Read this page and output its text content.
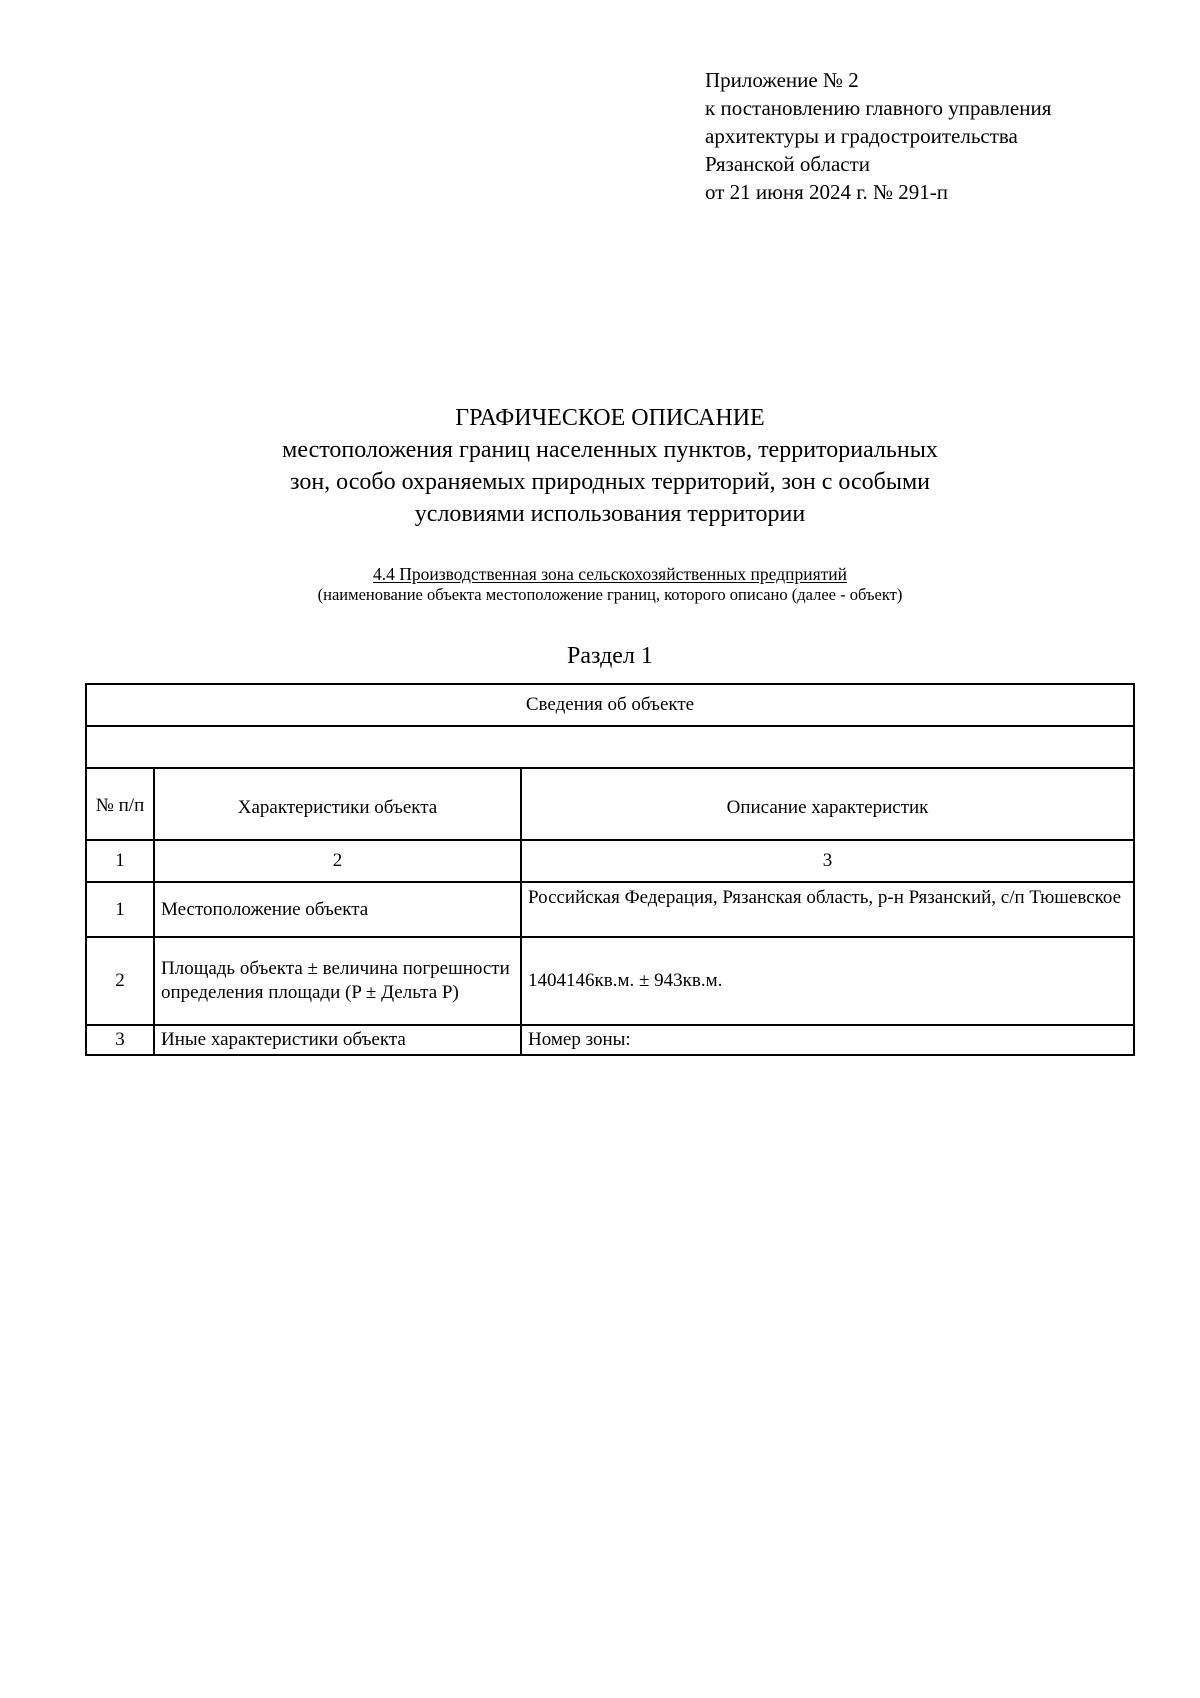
Приложение № 2
к постановлению главного управления
архитектуры и градостроительства
Рязанской области
от 21 июня 2024 г. № 291-п
ГРАФИЧЕСКОЕ ОПИСАНИЕ
местоположения границ населенных пунктов, территориальных
зон, особо охраняемых природных территорий, зон с особыми
условиями использования территории
4.4 Производственная зона сельскохозяйственных предприятий
(наименование объекта местоположение границ, которого описано (далее - объект)
Раздел 1
Сведения об объекте		

№ п/п	Характеристики объекта	Описание характеристик
1	2	3
1	Местоположение объекта	Российская Федерация, Рязанская область, р-н Рязанский, с/п Тюшевское
2	Площадь объекта ± величина погрешности определения площади (P ± Дельта P)	1404146кв.м. ± 943кв.м.
3	Иные характеристики объекта	Номер зоны:
